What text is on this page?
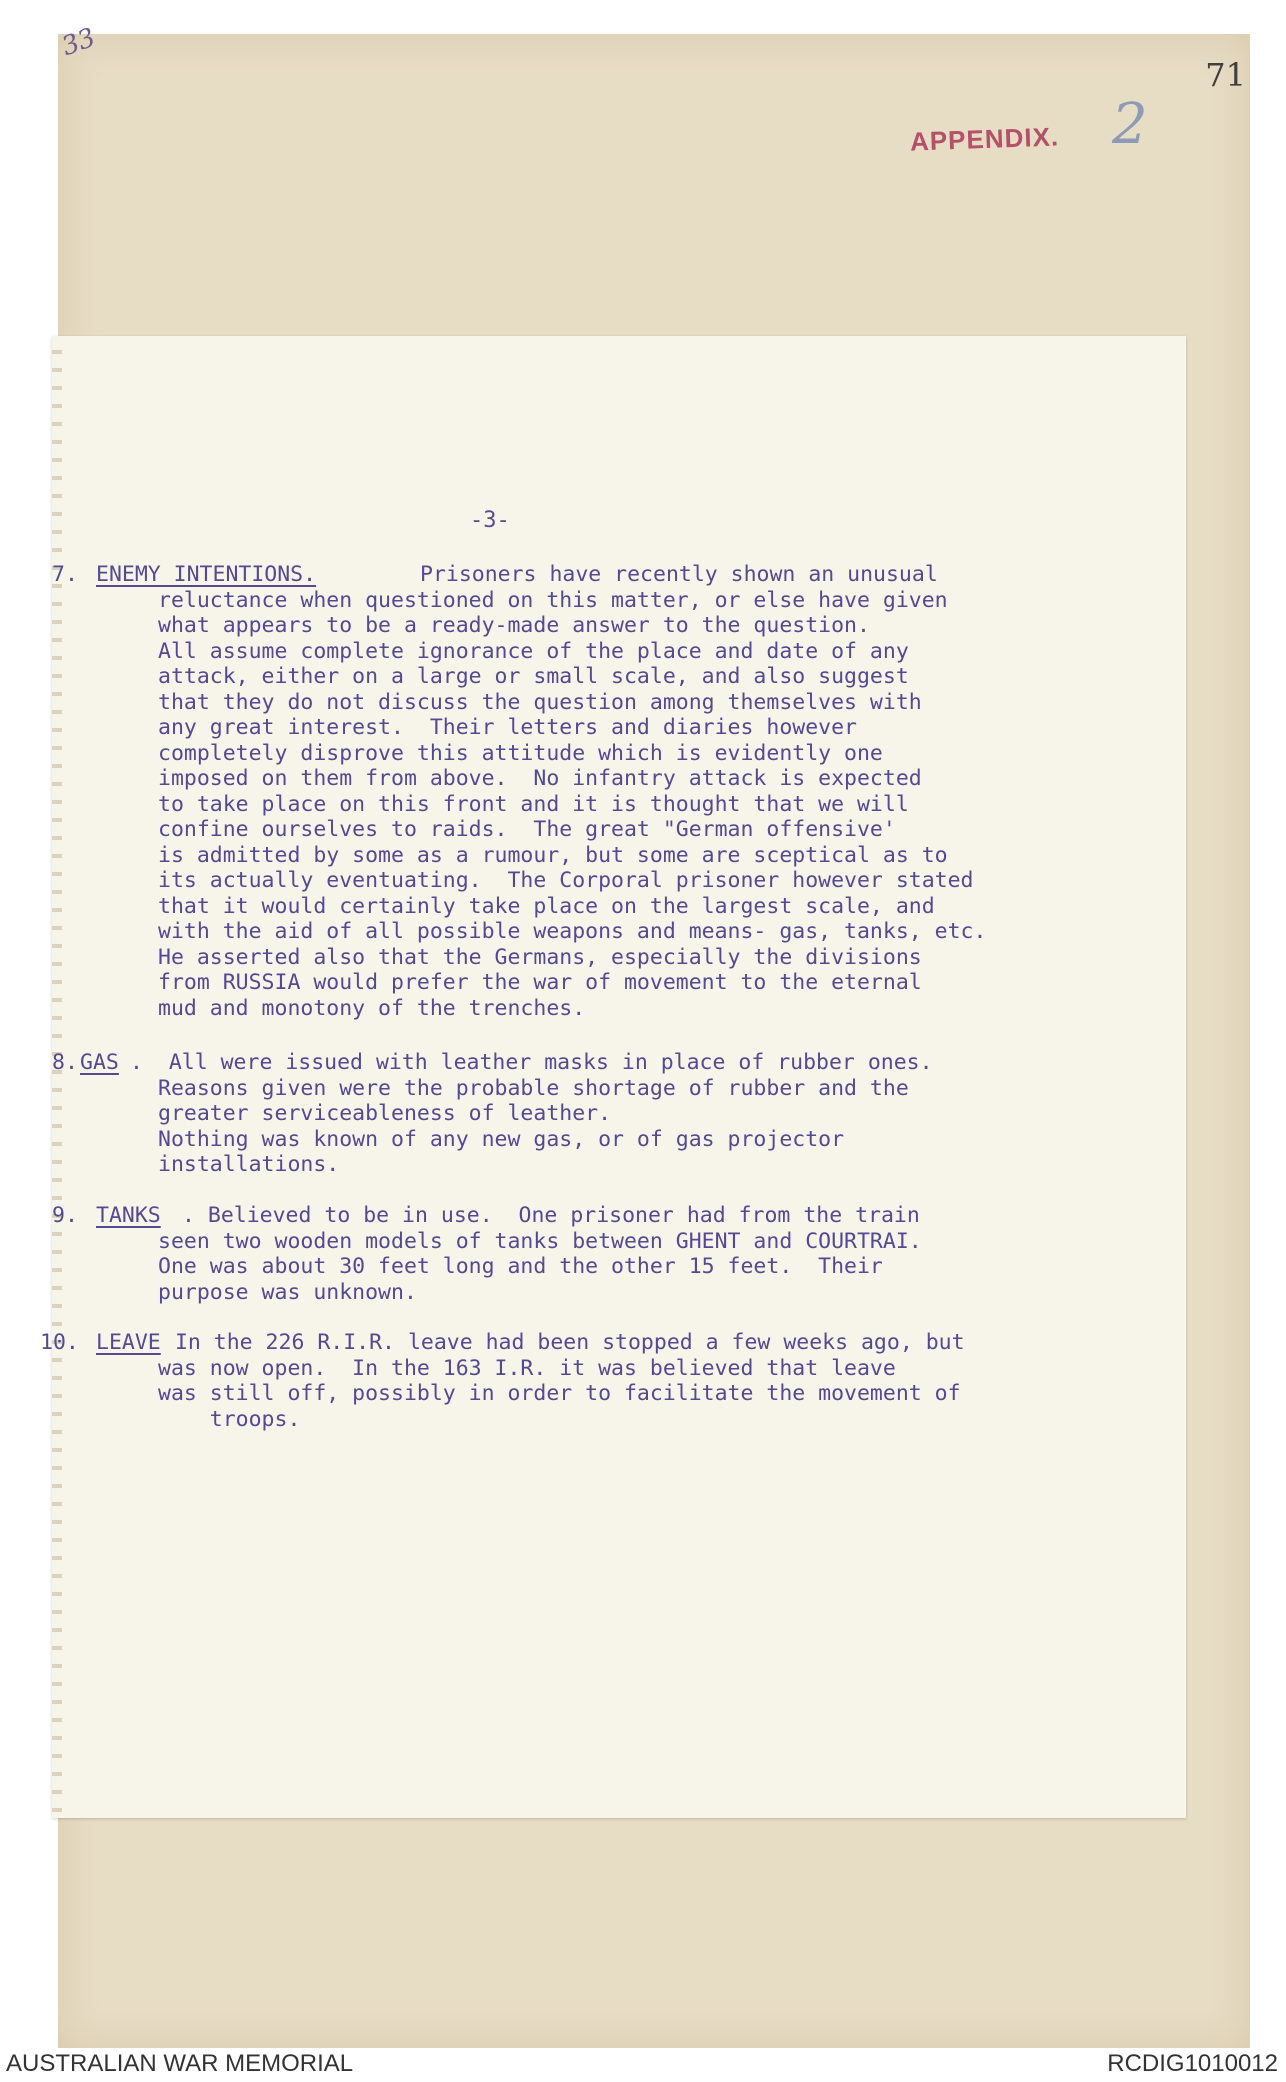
33
71
APPENDIX. 2
-3-

7.

ENEMY INTENTIONS.

	Prisoners have recently shown an unusual

reluctance when questioned on this matter, or else have given
what appears to be a ready-made answer to the question.
All assume complete ignorance of the place and date of any
attack, either on a large or small scale, and also suggest
that they do not discuss the question among themselves with
any great interest.  Their letters and diaries however
completely disprove this attitude which is evidently one
imposed on them from above.  No infantry attack is expected
to take place on this front and it is thought that we will
confine ourselves to raids.  The great "German offensive'
is admitted by some as a rumour, but some are sceptical as to
its actually eventuating.  The Corporal prisoner however stated
that it would certainly take place on the largest scale, and
with the aid of all possible weapons and means- gas, tanks, etc.
He asserted also that the Germans, especially the divisions
from RUSSIA would prefer the war of movement to the eternal
mud and monotony of the trenches.

8.

GAS

.  All were issued with leather masks in place of rubber ones.

Reasons given were the probable shortage of rubber and the
greater serviceableness of leather.
Nothing was known of any new gas, or of gas projector
installations.

9.

TANKS

. Believed to be in use.  One prisoner had from the train

seen two wooden models of tanks between GHENT and COURTRAI.
One was about 30 feet long and the other 15 feet.  Their
purpose was unknown.

10.

LEAVE

In the 226 R.I.R. leave had been stopped a few weeks ago, but

was now open.  In the 163 I.R. it was believed that leave
was still off, possibly in order to facilitate the movement of
troops.

AUSTRALIAN WAR MEMORIAL	RCDIG1010012
